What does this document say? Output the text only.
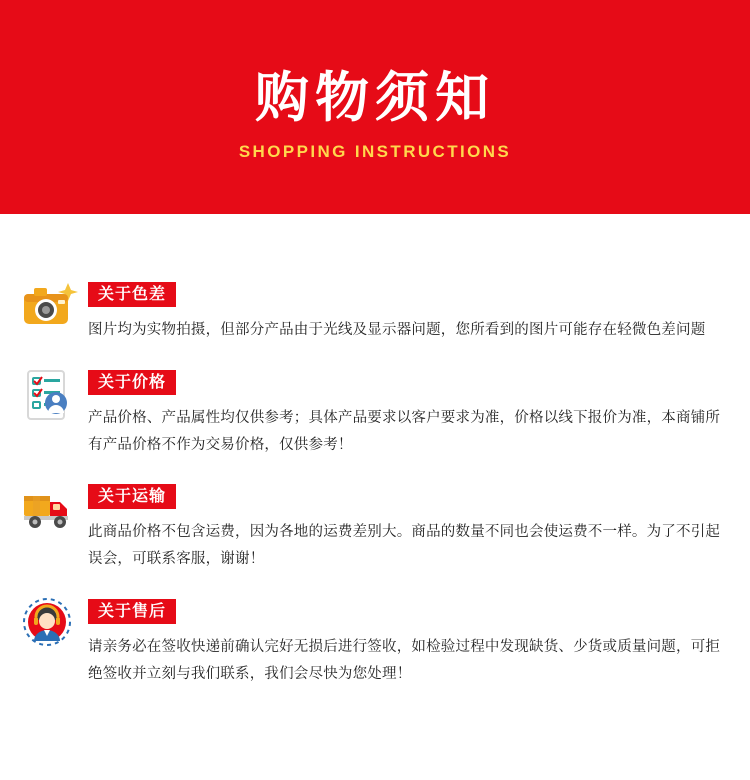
购物须知
SHOPPING INSTRUCTIONS
关于色差
图片均为实物拍摄，但部分产品由于光线及显示器问题，您所看到的图片可能存在轻微色差问题
关于价格
产品价格、产品属性均仅供参考；具体产品要求以客户要求为准，价格以线下报价为准，本商铺所有产品价格不作为交易价格，仅供参考！
关于运输
此商品价格不包含运费，因为各地的运费差别大。商品的数量不同也会使运费不一样。为了不引起误会，可联系客服，谢谢！
关于售后
请亲务必在签收快递前确认完好无损后进行签收，如检验过程中发现缺货、少货或质量问题，可拒绝签收并立刻与我们联系，我们会尽快为您处理！
